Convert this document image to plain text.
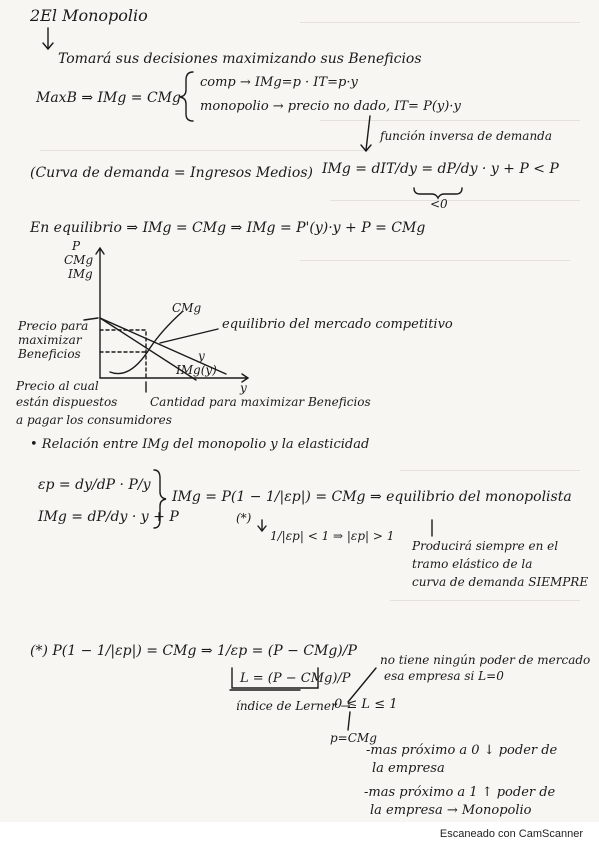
2El Monopolio
Tomará sus decisiones maximizando sus Beneficios
MaxB ⇒ IMg = CMg
comp → IMg=p · IT=p·y
monopolio → precio no dado, IT= P(y)·y
función inversa de demanda
IMg = dIT/dy = dP/dy · y + P < P
<0
(Curva de demanda = Ingresos Medios)
En equilibrio ⇒ IMg = CMg ⇒ IMg = P'(y)·y + P = CMg
P
CMg
IMg
y
CMg
y
IMg(y)
equilibrio del mercado competitivo
Precio para
maximizar
Beneficios
Precio al cual
están dispuestos
a pagar los consumidores
Cantidad para maximizar Beneficios
• Relación entre IMg del monopolio y la elasticidad
εp = dy/dP · P/y
IMg = dP/dy · y + P
IMg = P(1 − 1/|εp|) = CMg ⇒ equilibrio del monopolista
(*)
1/|εp| < 1 ⇒ |εp| > 1
Producirá siempre en el
tramo elástico de la
curva de demanda SIEMPRE
(*) P(1 − 1/|εp|) = CMg ⇒ 1/εp = (P − CMg)/P
L = (P − CMg)/P
índice de Lerner →
0 ≤ L ≤ 1
p=CMg
no tiene ningún poder de mercado
esa empresa si L=0
-mas próximo a 0 ↓ poder de
la empresa
-mas próximo a 1 ↑ poder de
la empresa → Monopolio
Escaneado con CamScanner
